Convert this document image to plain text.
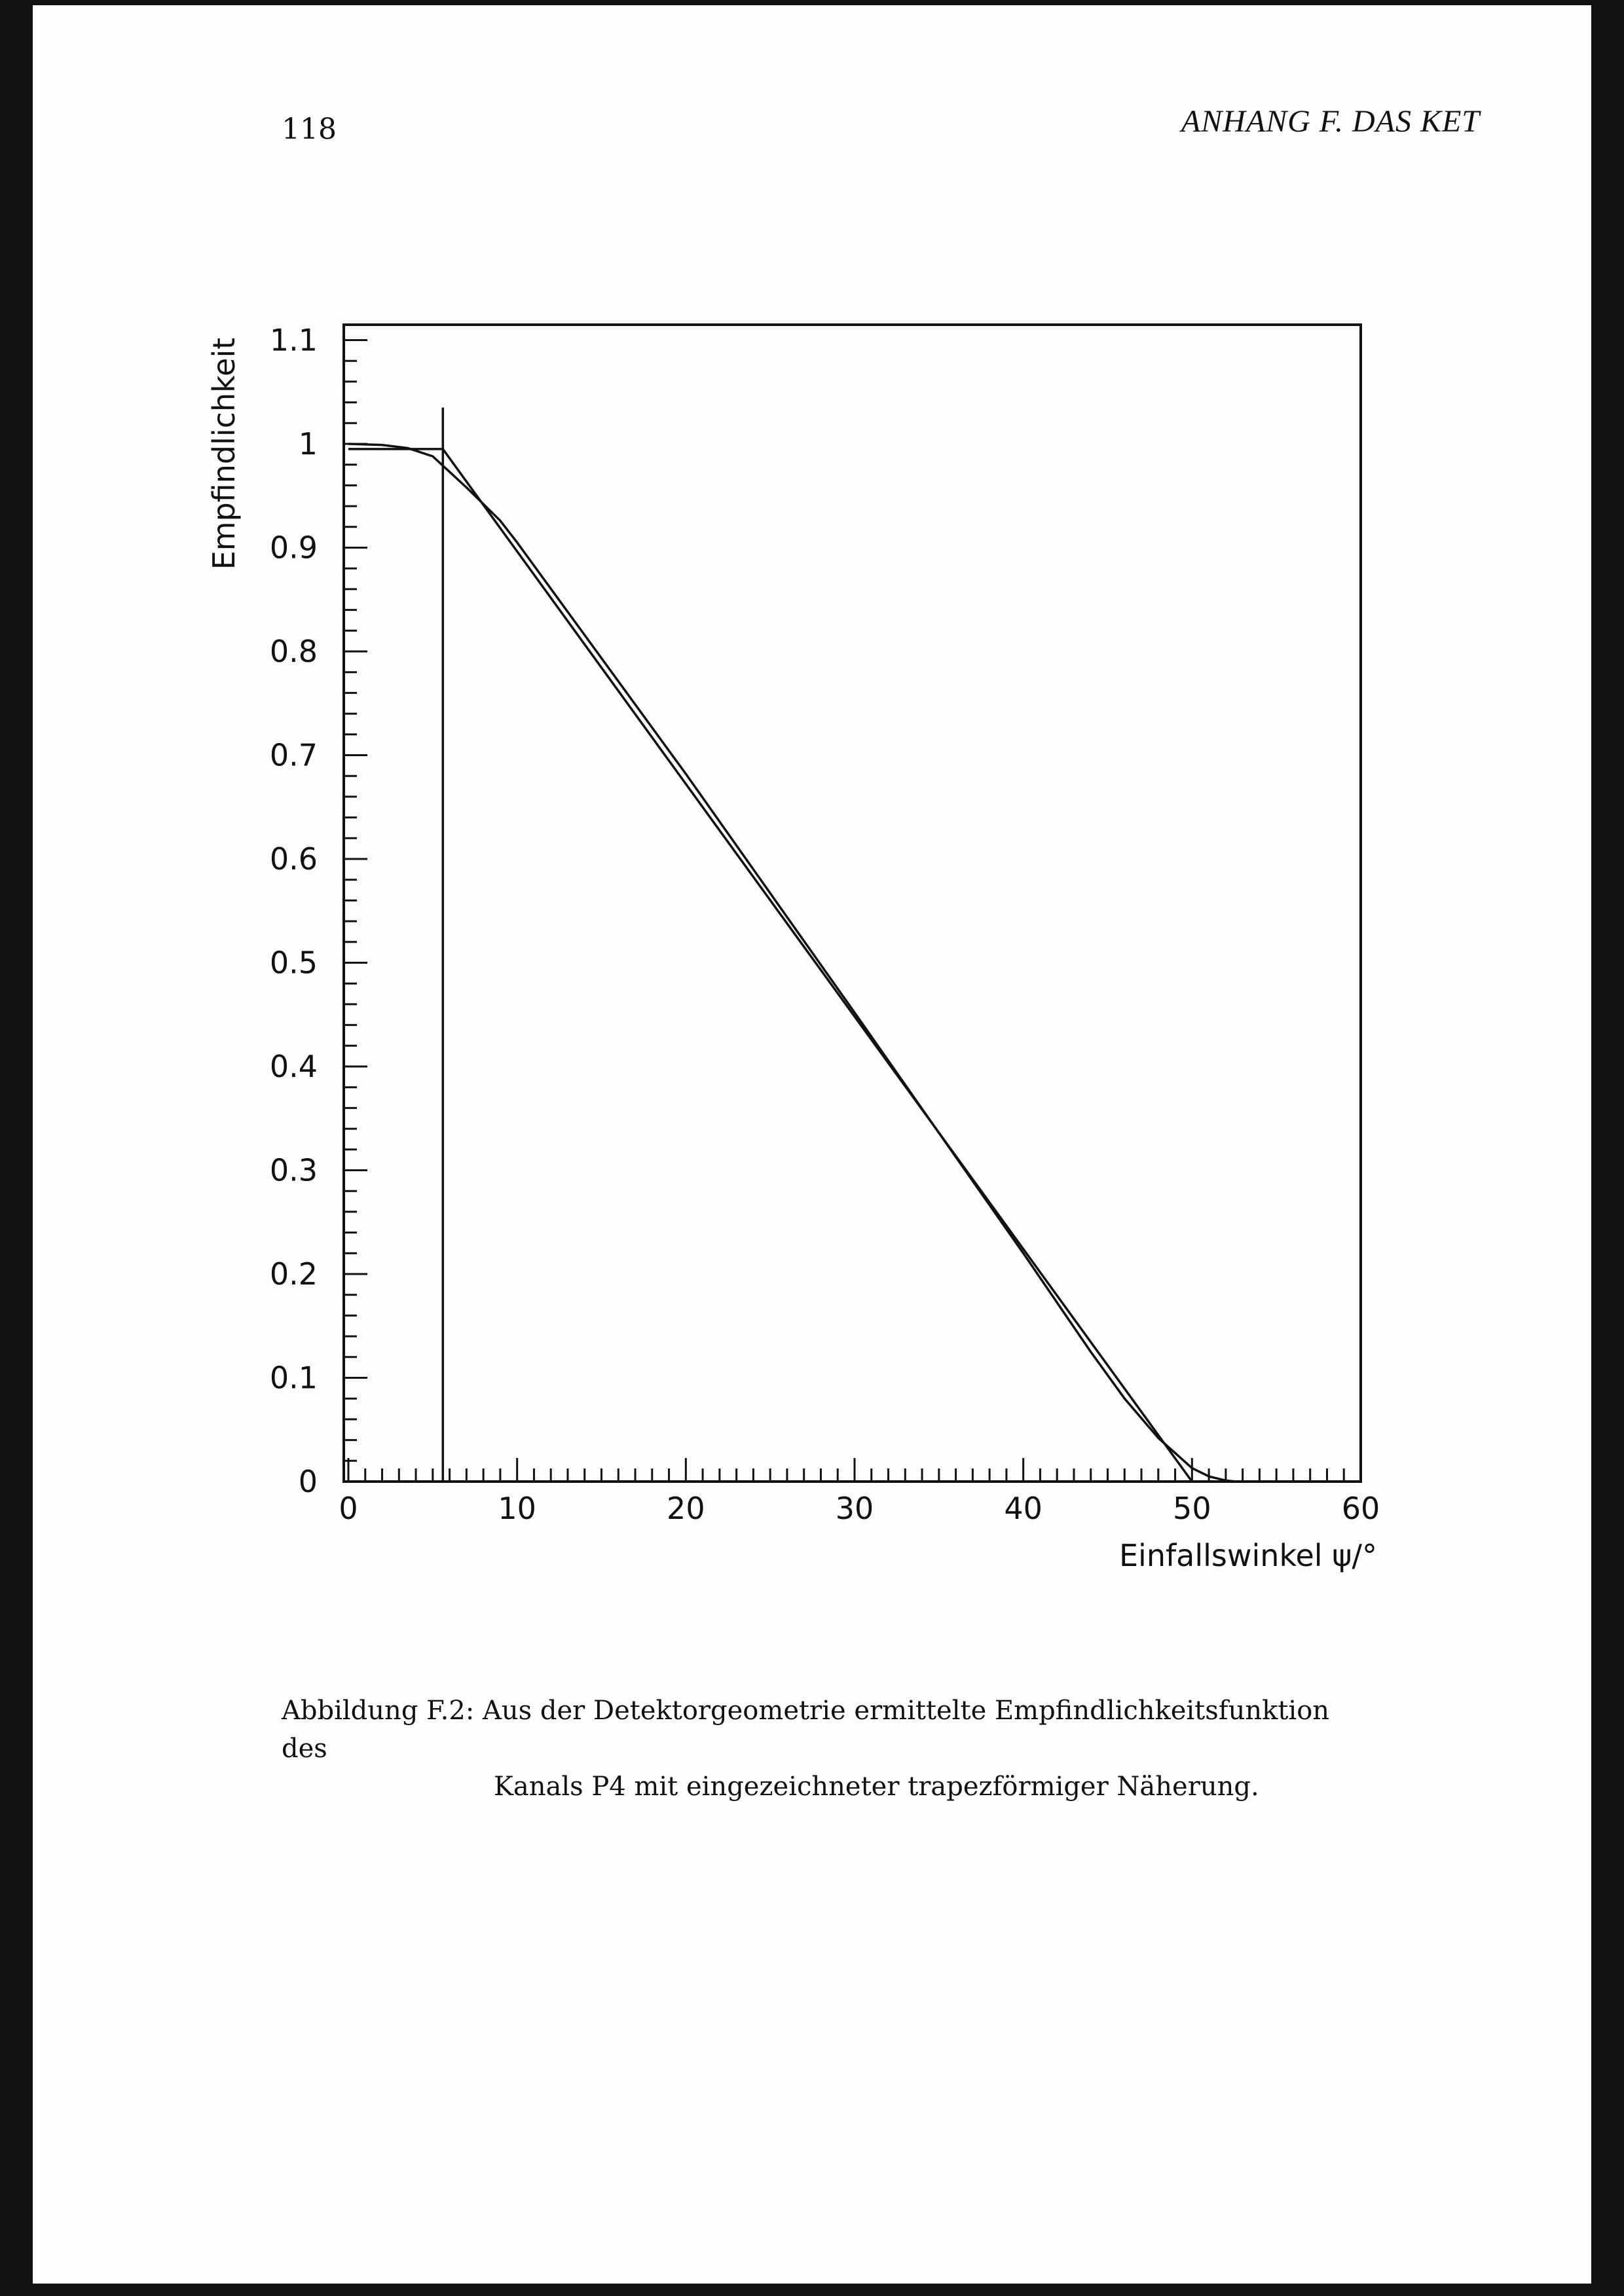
118	ANHANG F. DAS KET
0
0.1
0.2
0.3
0.4
0.5
0.6
0.7
0.8
0.9
1
1.1
0	10	20	30	40	50	60
Empfindlichkeit
Einfallswinkel ψ/°
Abbildung F.2: Aus der Detektorgeometrie ermittelte Empfindlichkeitsfunktion des
Kanals P4 mit eingezeichneter trapezförmiger Näherung.
